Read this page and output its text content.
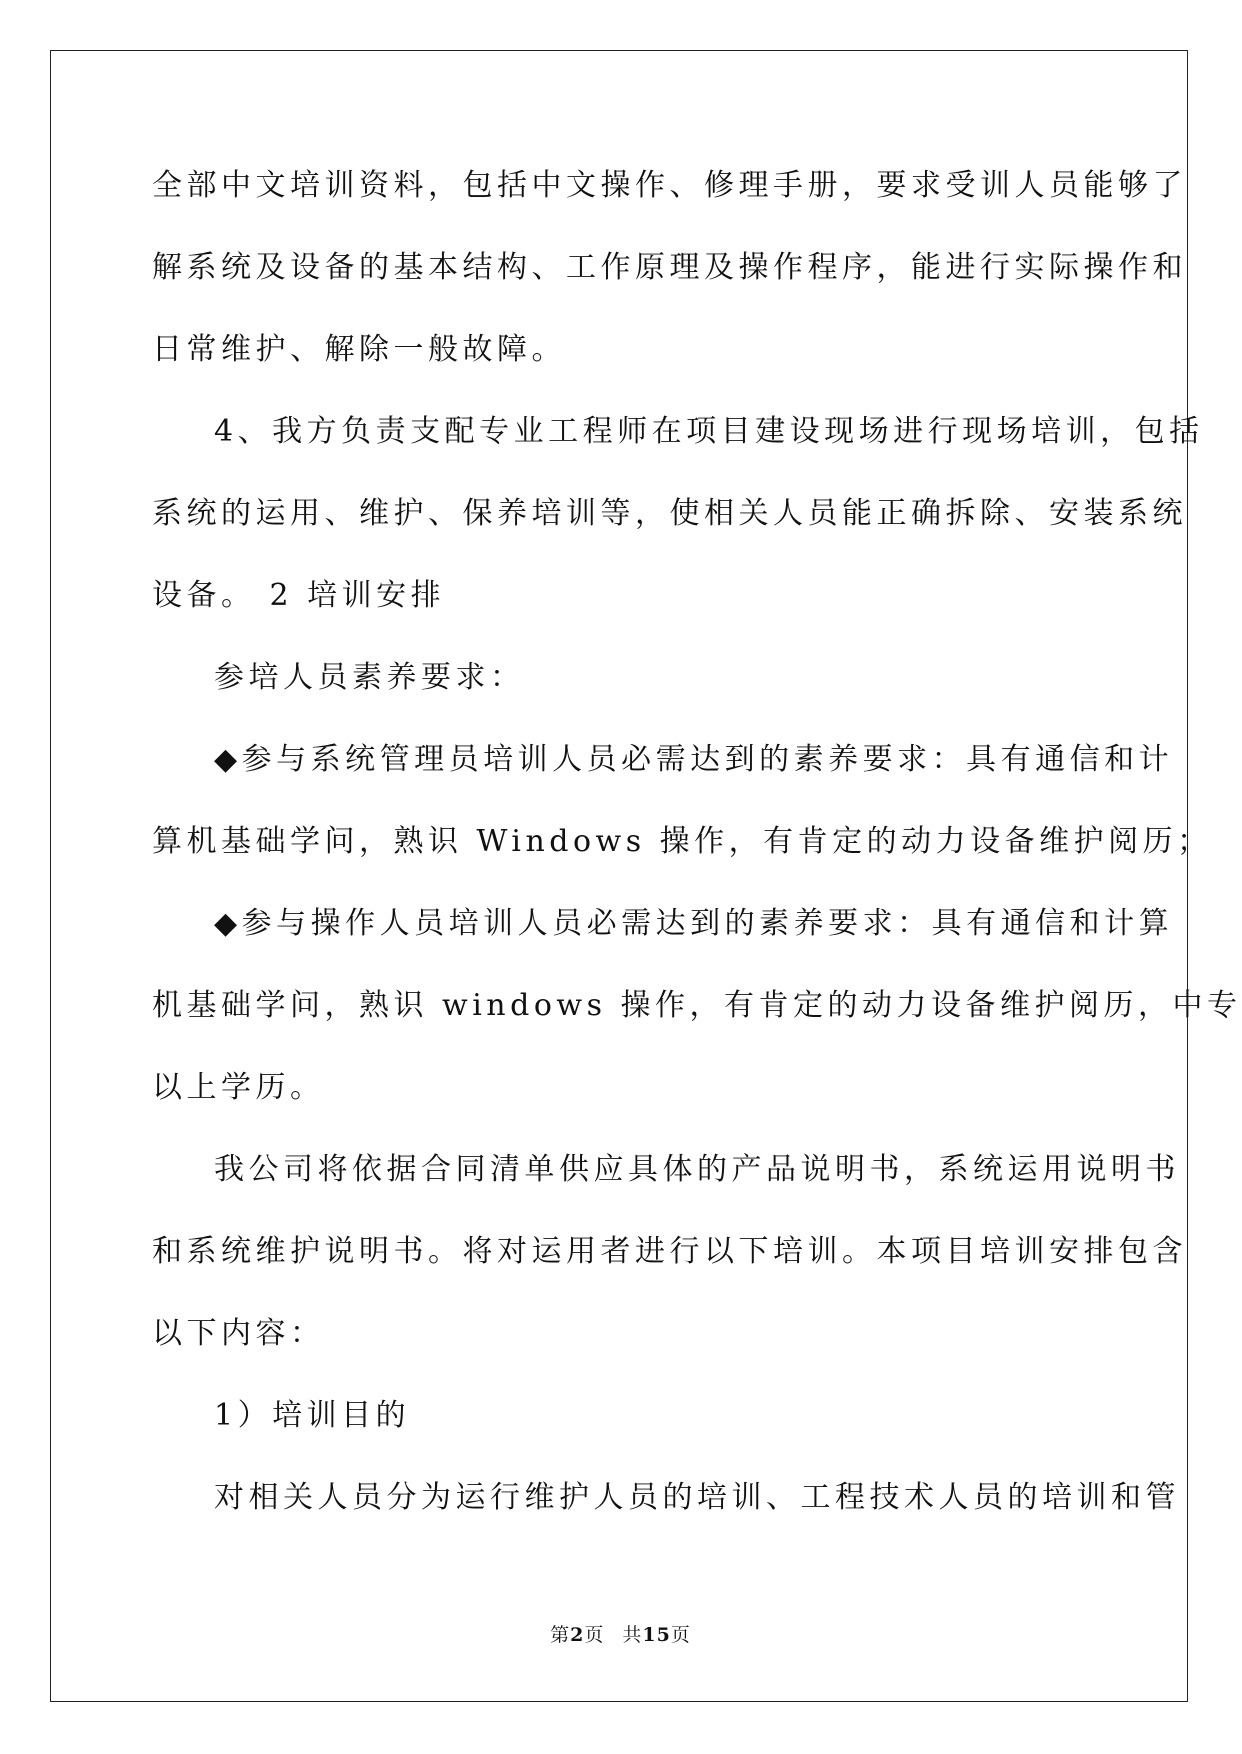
全部中文培训资料，包括中文操作、修理手册，要求受训人员能够了
解系统及设备的基本结构、工作原理及操作程序，能进行实际操作和
日常维护、解除一般故障。
4、我方负责支配专业工程师在项目建设现场进行现场培训，包括
系统的运用、维护、保养培训等，使相关人员能正确拆除、安装系统
设备。 2 培训安排
参培人员素养要求：
◆参与系统管理员培训人员必需达到的素养要求：具有通信和计
算机基础学问，熟识 Windows 操作，有肯定的动力设备维护阅历；
◆参与操作人员培训人员必需达到的素养要求：具有通信和计算
机基础学问，熟识 windows 操作，有肯定的动力设备维护阅历，中专
以上学历。
我公司将依据合同清单供应具体的产品说明书，系统运用说明书
和系统维护说明书。将对运用者进行以下培训。本项目培训安排包含
以下内容：
1）培训目的
对相关人员分为运行维护人员的培训、工程技术人员的培训和管
第2页 共15页
